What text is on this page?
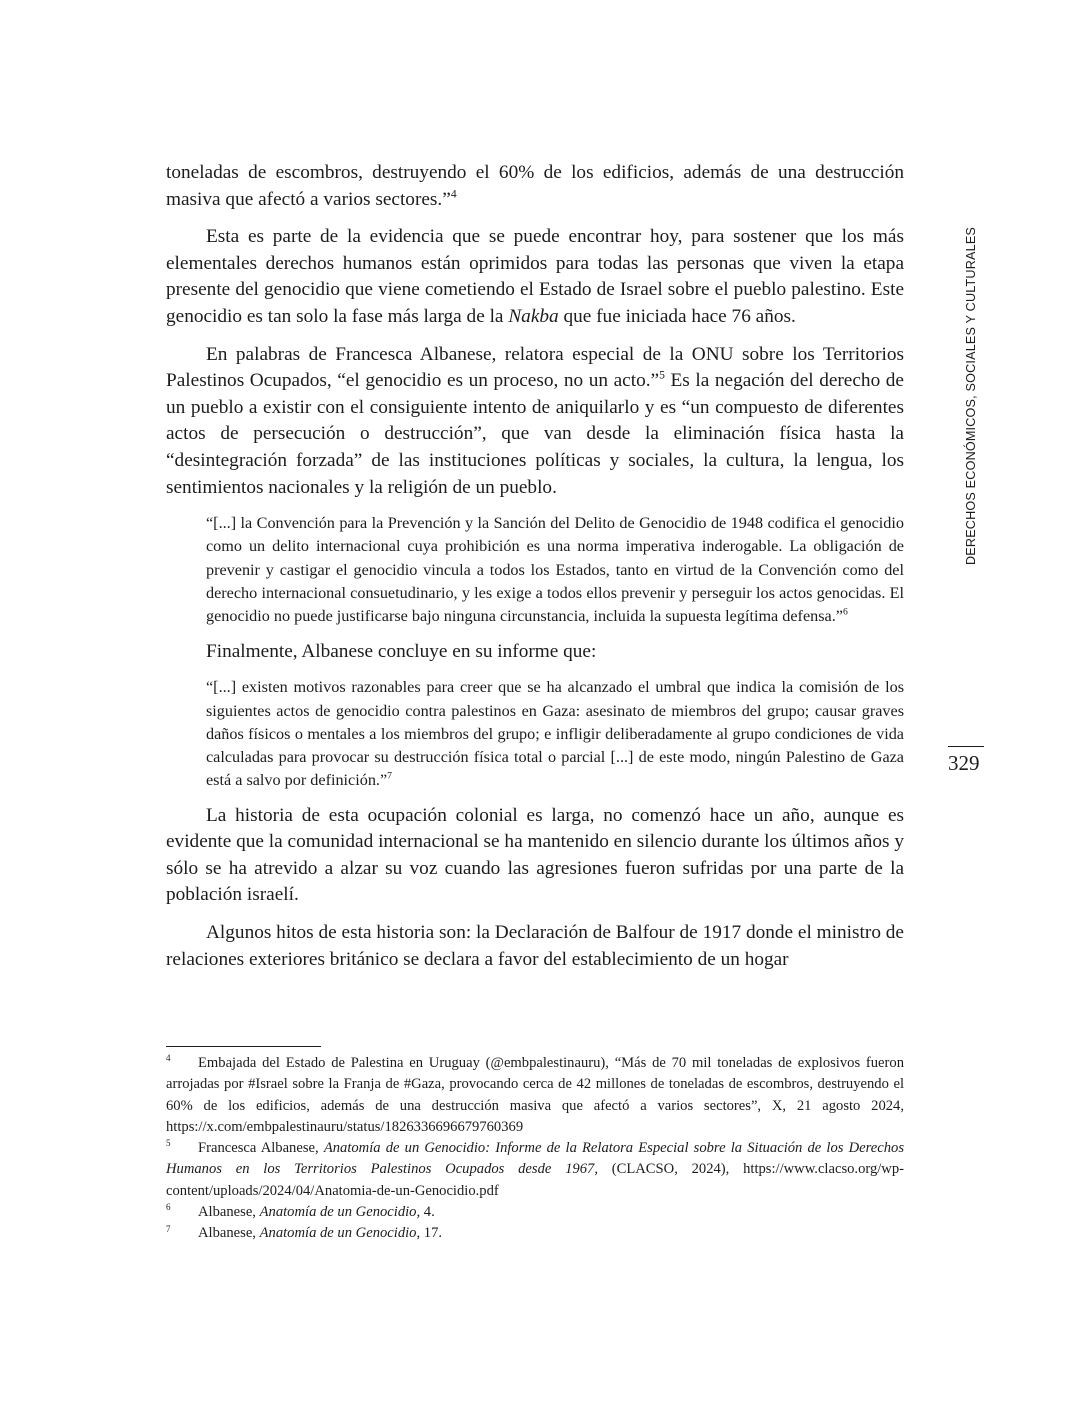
toneladas de escombros, destruyendo el 60% de los edificios, además de una destrucción masiva que afectó a varios sectores.”$^4$

Esta es parte de la evidencia que se puede encontrar hoy, para sostener que los más elementales derechos humanos están oprimidos para todas las personas que viven la etapa presente del genocidio que viene cometiendo el Estado de Israel sobre el pueblo palestino. Este genocidio es tan solo la fase más larga de la Nakba que fue iniciada hace 76 años.

En palabras de Francesca Albanese, relatora especial de la ONU sobre los Territorios Palestinos Ocupados, “el genocidio es un proceso, no un acto.”$^5$ Es la negación del derecho de un pueblo a existir con el consiguiente intento de aniquilarlo y es “un compuesto de diferentes actos de persecución o destrucción”, que van desde la eliminación física hasta la “desintegración forzada” de las instituciones políticas y sociales, la cultura, la lengua, los sentimientos nacionales y la religión de un pueblo.

“[...] la Convención para la Prevención y la Sanción del Delito de Genocidio de 1948 codifica el genocidio como un delito internacional cuya prohibición es una norma imperativa inderogable. La obligación de prevenir y castigar el genocidio vincula a todos los Estados, tanto en virtud de la Convención como del derecho internacional consuetudinario, y les exige a todos ellos prevenir y perseguir los actos genocidas. El genocidio no puede justificarse bajo ninguna circunstancia, incluida la supuesta legítima defensa.”$^6$

Finalmente, Albanese concluye en su informe que:

“[...] existen motivos razonables para creer que se ha alcanzado el umbral que indica la comisión de los siguientes actos de genocidio contra palestinos en Gaza: asesinato de miembros del grupo; causar graves daños físicos o mentales a los miembros del grupo; e infligir deliberadamente al grupo condiciones de vida calculadas para provocar su destrucción física total o parcial [...] de este modo, ningún Palestino de Gaza está a salvo por definición.”$^7$

La historia de esta ocupación colonial es larga, no comenzó hace un año, aunque es evidente que la comunidad internacional se ha mantenido en silencio durante los últimos años y sólo se ha atrevido a alzar su voz cuando las agresiones fueron sufridas por una parte de la población israelí.

Algunos hitos de esta historia son: la Declaración de Balfour de 1917 donde el ministro de relaciones exteriores británico se declara a favor del establecimiento de un hogar

4 Embajada del Estado de Palestina en Uruguay (@embpalestinauru), “Más de 70 mil toneladas de explosivos fueron arrojadas por #Israel sobre la Franja de #Gaza, provocando cerca de 42 millones de toneladas de escombros, destruyendo el 60% de los edificios, además de una destrucción masiva que afectó a varios sectores”, X, 21 agosto 2024, https://x.com/embpalestinauru/status/1826336696679760369

5 Francesca Albanese, Anatomía de un Genocidio: Informe de la Relatora Especial sobre la Situación de los Derechos Humanos en los Territorios Palestinos Ocupados desde 1967, (CLACSO, 2024), https://www.clacso.org/wp-content/uploads/2024/04/Anatomia-de-un-Genocidio.pdf

6 Albanese, Anatomía de un Genocidio, 4.

7 Albanese, Anatomía de un Genocidio, 17.

DERECHOS ECONÓMICOS, SOCIALES Y CULTURALES
329
